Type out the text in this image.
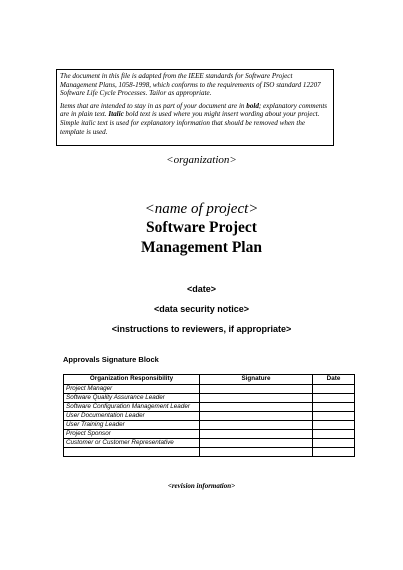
The document in this file is adapted from the IEEE standards for Software Project Management Plans, 1058-1998, which conforms to the requirements of ISO standard 12207 Software Life Cycle Processes. Tailor as appropriate.

Items that are intended to stay in as part of your document are in bold; explanatory comments are in plain text. Italic bold text is used where you might insert wording about your project. Simple italic text is used for explanatory information that should be removed when the template is used.

<organization>
<name of project>
Software Project
Management Plan
<date>
<data security notice>
<instructions to reviewers, if appropriate>
Approvals Signature Block
Organization Responsibility	Signature	Date
Project Manager		
Software Quality Assurance Leader		
Software Configuration Management Leader		
User Documentation Leader		
User Training Leader		
Project Sponsor		
Customer or Customer Representative		

<revision information>
